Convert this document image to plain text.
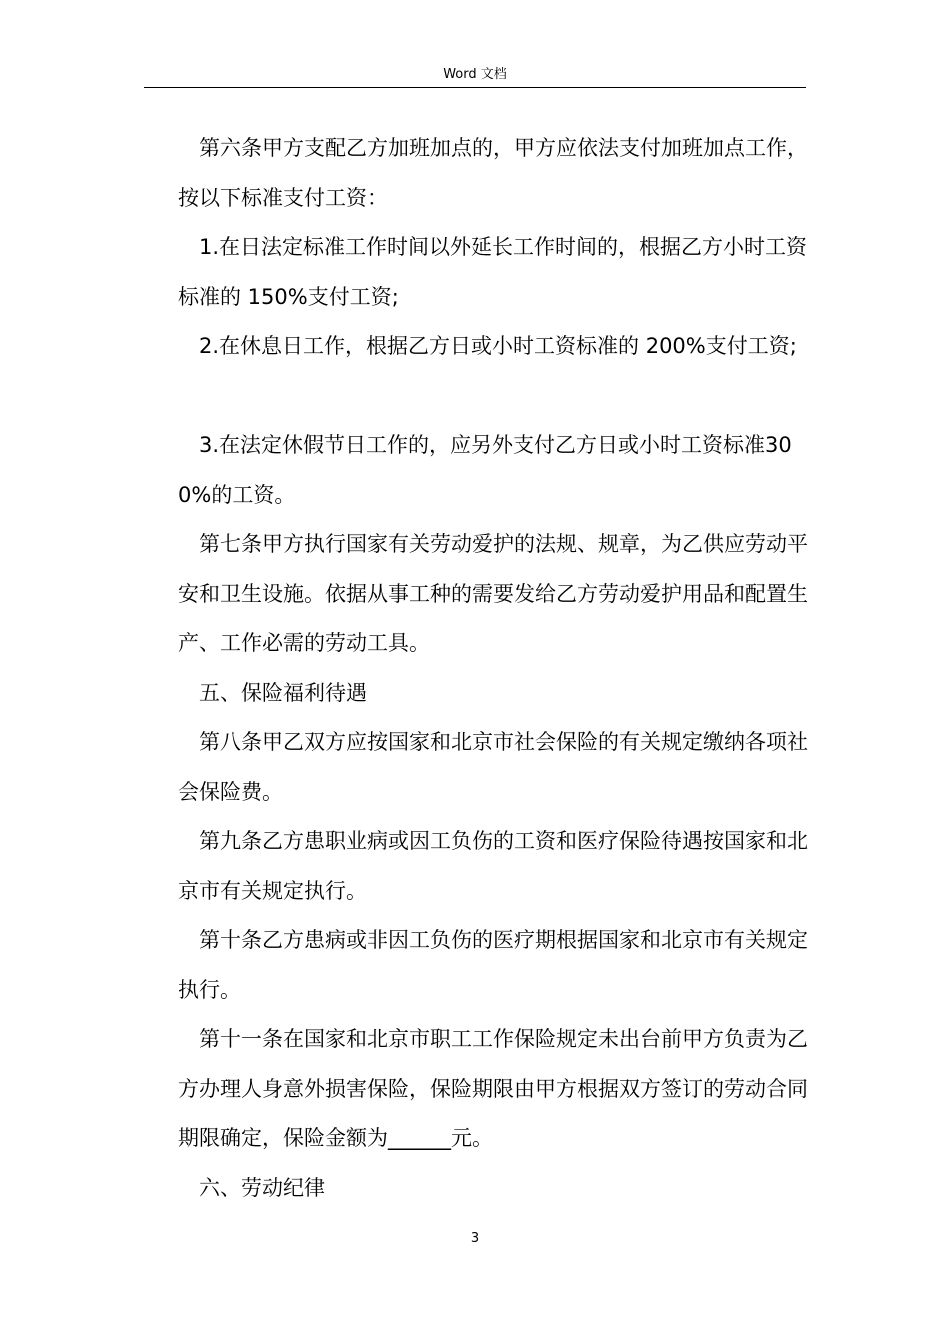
Word 文档

第六条甲方支配乙方加班加点的，甲方应依法支付加班加点工作，按以下标准支付工资：

1.在日法定标准工作时间以外延长工作时间的，根据乙方小时工资标准的 150%支付工资;

2.在休息日工作，根据乙方日或小时工资标准的 200%支付工资;

3.在法定休假节日工作的，应另外支付乙方日或小时工资标准300%的工资。

第七条甲方执行国家有关劳动爱护的法规、规章，为乙供应劳动平安和卫生设施。依据从事工种的需要发给乙方劳动爱护用品和配置生产、工作必需的劳动工具。

五、保险福利待遇

第八条甲乙双方应按国家和北京市社会保险的有关规定缴纳各项社会保险费。

第九条乙方患职业病或因工负伤的工资和医疗保险待遇按国家和北京市有关规定执行。

第十条乙方患病或非因工负伤的医疗期根据国家和北京市有关规定执行。

第十一条在国家和北京市职工工作保险规定未出台前甲方负责为乙方办理人身意外损害保险，保险期限由甲方根据双方签订的劳动合同期限确定，保险金额为______元。

六、劳动纪律

3
